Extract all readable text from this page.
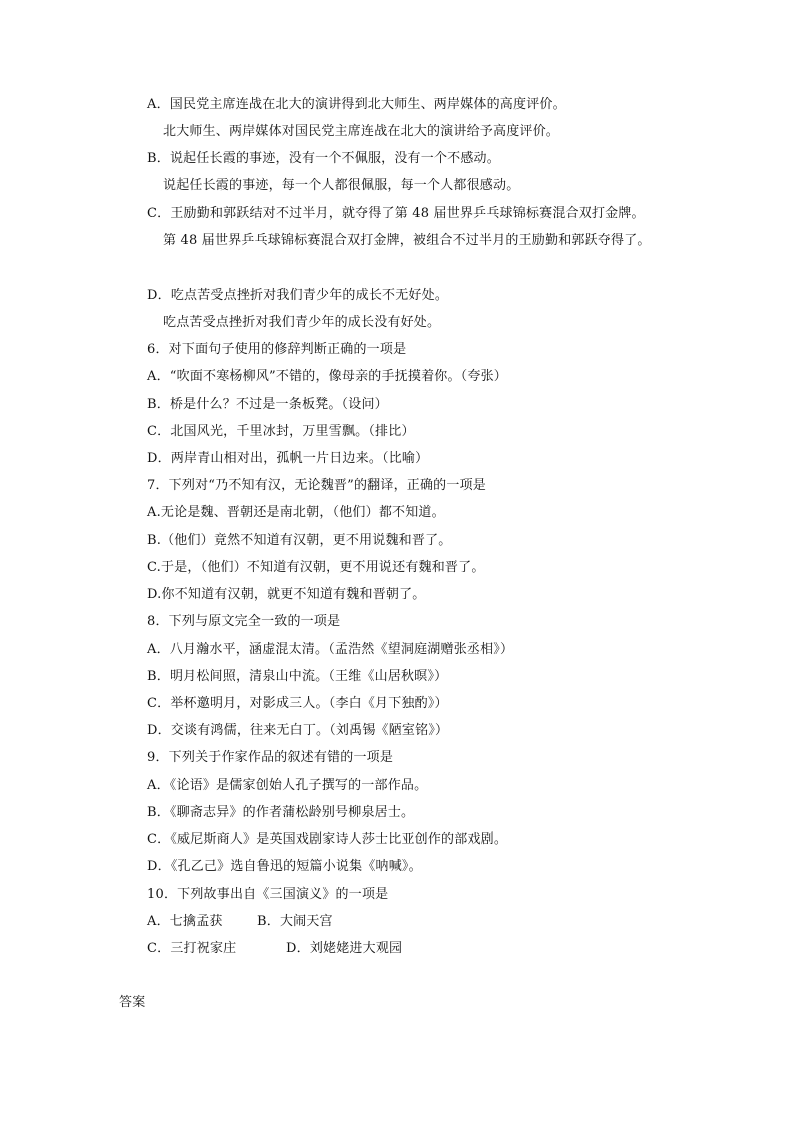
A．国民党主席连战在北大的演讲得到北大师生、两岸媒体的高度评价。
北大师生、两岸媒体对国民党主席连战在北大的演讲给予高度评价。
B．说起任长霞的事迹，没有一个不佩服，没有一个不感动。
说起任长霞的事迹，每一个人都很佩服，每一个人都很感动。
C．王励勤和郭跃结对不过半月，就夺得了第 48 届世界乒乓球锦标赛混合双打金牌。
第 48 届世界乒乓球锦标赛混合双打金牌，被组合不过半月的王励勤和郭跃夺得了。
D．吃点苦受点挫折对我们青少年的成长不无好处。
吃点苦受点挫折对我们青少年的成长没有好处。
6．对下面句子使用的修辞判断正确的一项是
A．“吹面不寒杨柳风”不错的，像母亲的手抚摸着你。（夸张）
B．桥是什么？不过是一条板凳。（设问）
C．北国风光，千里冰封，万里雪飘。（排比）
D．两岸青山相对出，孤帆一片日边来。（比喻）
7．下列对“乃不知有汉，无论魏晋”的翻译，正确的一项是
A.无论是魏、晋朝还是南北朝，（他们）都不知道。
B.（他们）竟然不知道有汉朝，更不用说魏和晋了。
C.于是，（他们）不知道有汉朝，更不用说还有魏和晋了。
D.你不知道有汉朝，就更不知道有魏和晋朝了。
8．下列与原文完全一致的一项是
A．八月瀚水平，涵虚混太清。（孟浩然《望洞庭湖赠张丞相》）
B．明月松间照，清泉山中流。（王维《山居秋暝》）
C．举杯邀明月，对影成三人。（李白《月下独酌》）
D．交谈有鸿儒，往来无白丁。（刘禹锡《陋室铭》）
9．下列关于作家作品的叙述有错的一项是
A．《论语》是儒家创始人孔子撰写的一部作品。
B．《聊斋志异》的作者蒲松龄别号柳泉居士。
C．《威尼斯商人》是英国戏剧家诗人莎士比亚创作的部戏剧。
D．《孔乙己》选自鲁迅的短篇小说集《呐喊》。
10．下列故事出自《三国演义》的一项是
A．七擒孟获	B．大闹天宫
C．三打祝家庄	D．刘姥姥进大观园
答案
